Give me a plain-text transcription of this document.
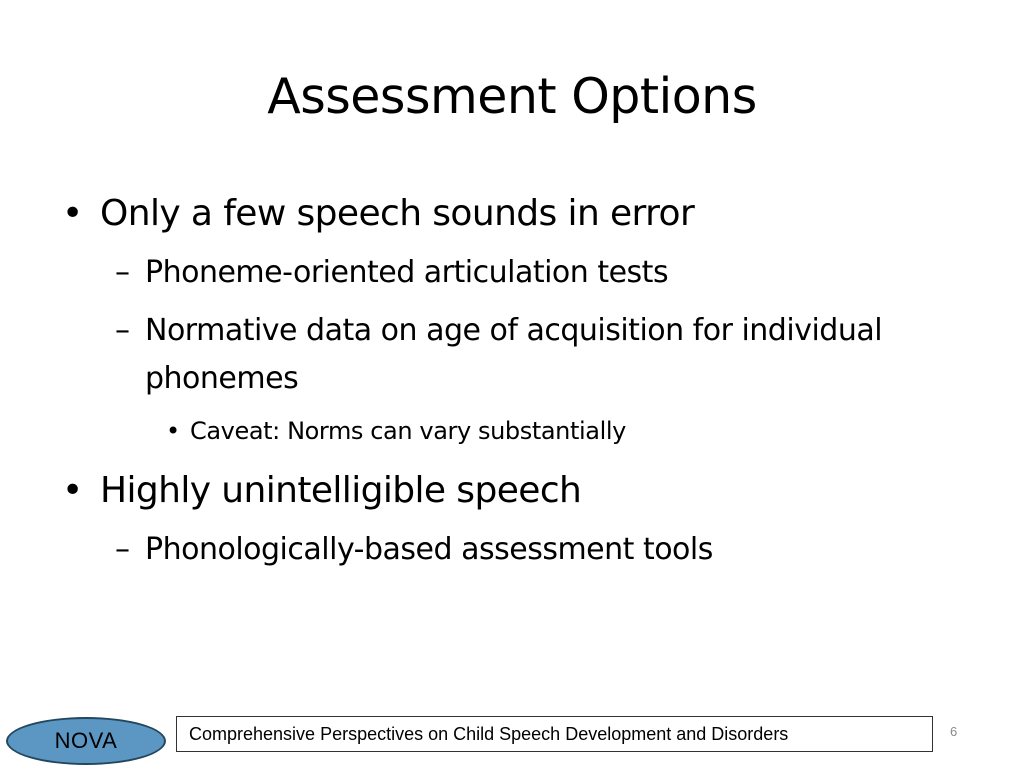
Assessment Options
• Only a few speech sounds in error
– Phoneme-oriented articulation tests
– Normative data on age of acquisition for individual
phonemes
• Caveat: Norms can vary substantially
• Highly unintelligible speech
– Phonologically-based assessment tools
NOVA	Comprehensive Perspectives on Child Speech Development and Disorders	6
